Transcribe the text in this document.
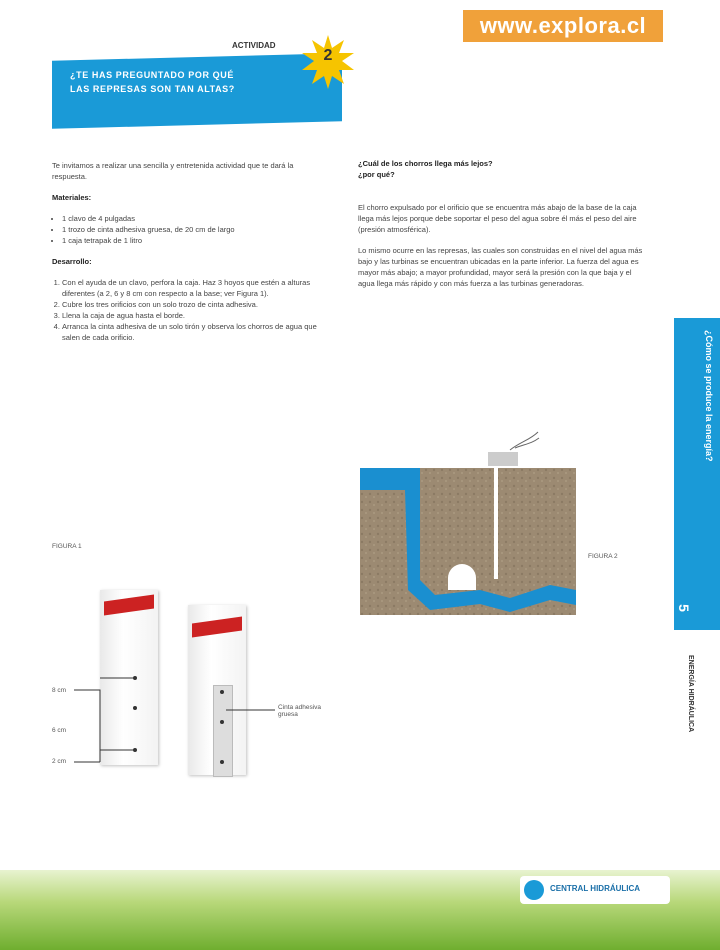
www.explora.cl
ACTIVIDAD
¿TE HAS PREGUNTADO POR QUÉ
LAS REPRESAS SON TAN ALTAS?
2

Te invitamos a realizar una sencilla y entretenida actividad que te dará la respuesta.

Materiales:

• 1 clavo de 4 pulgadas
• 1 trozo de cinta adhesiva gruesa, de 20 cm de largo
• 1 caja tetrapak de 1 litro

Desarrollo:

1. Con el ayuda de un clavo, perfora la caja. Haz 3 hoyos que estén a alturas diferentes (a 2, 6 y 8 cm con respecto a la base; ver Figura 1).
2. Cubre los tres orificios con un solo trozo de cinta adhesiva.
3. Llena la caja de agua hasta el borde.
4. Arranca la cinta adhesiva de un solo tirón y observa los chorros de agua que salen de cada orificio.
FIGURA 1
8 cm
6 cm
2 cm
Cinta adhesiva gruesa

¿Cuál de los chorros llega más lejos?
¿por qué?

El chorro expulsado por el orificio que se encuentra más abajo de la base de la caja llega más lejos porque debe soportar el peso del agua sobre él más el peso del aire (presión atmosférica).

Lo mismo ocurre en las represas, las cuales son construidas en el nivel del agua más bajo y las turbinas se encuentran ubicadas en la parte inferior. La fuerza del agua es mayor más abajo; a mayor profundidad, mayor será la presión con la que baja y el agua llega más rápido y con más fuerza a las turbinas generadoras.

FIGURA 2
¿Cómo se produce la energía?
5
ENERGÍA HIDRÁULICA
CENTRAL HIDRÁULICA
